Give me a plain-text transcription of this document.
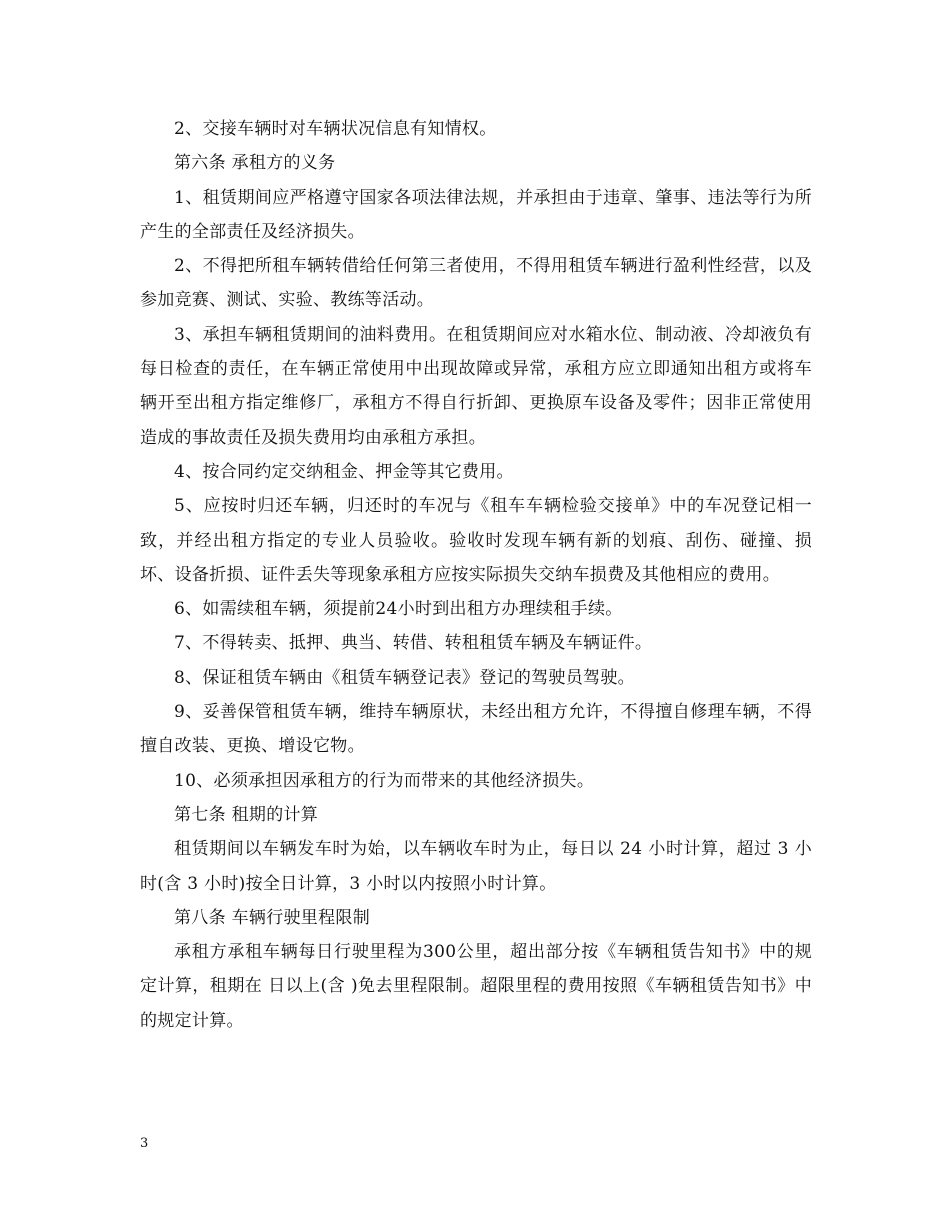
2、交接车辆时对车辆状况信息有知情权。

第六条 承租方的义务

1、租赁期间应严格遵守国家各项法律法规，并承担由于违章、肇事、违法等行为所产生的全部责任及经济损失。

2、不得把所租车辆转借给任何第三者使用，不得用租赁车辆进行盈利性经营，以及参加竞赛、测试、实验、教练等活动。

3、承担车辆租赁期间的油料费用。在租赁期间应对水箱水位、制动液、冷却液负有每日检查的责任，在车辆正常使用中出现故障或异常，承租方应立即通知出租方或将车辆开至出租方指定维修厂，承租方不得自行折卸、更换原车设备及零件；因非正常使用造成的事故责任及损失费用均由承租方承担。

4、按合同约定交纳租金、押金等其它费用。

5、应按时归还车辆，归还时的车况与《租车车辆检验交接单》中的车况登记相一致，并经出租方指定的专业人员验收。验收时发现车辆有新的划痕、刮伤、碰撞、损坏、设备折损、证件丢失等现象承租方应按实际损失交纳车损费及其他相应的费用。

6、如需续租车辆，须提前24小时到出租方办理续租手续。

7、不得转卖、抵押、典当、转借、转租租赁车辆及车辆证件。

8、保证租赁车辆由《租赁车辆登记表》登记的驾驶员驾驶。

9、妥善保管租赁车辆，维持车辆原状，未经出租方允许，不得擅自修理车辆，不得擅自改装、更换、增设它物。

10、必须承担因承租方的行为而带来的其他经济损失。

第七条 租期的计算

租赁期间以车辆发车时为始，以车辆收车时为止，每日以 24 小时计算，超过 3 小时(含 3 小时)按全日计算，3 小时以内按照小时计算。

第八条 车辆行驶里程限制

承租方承租车辆每日行驶里程为300公里，超出部分按《车辆租赁告知书》中的规定计算，租期在 日以上(含 )免去里程限制。超限里程的费用按照《车辆租赁告知书》中的规定计算。

3
